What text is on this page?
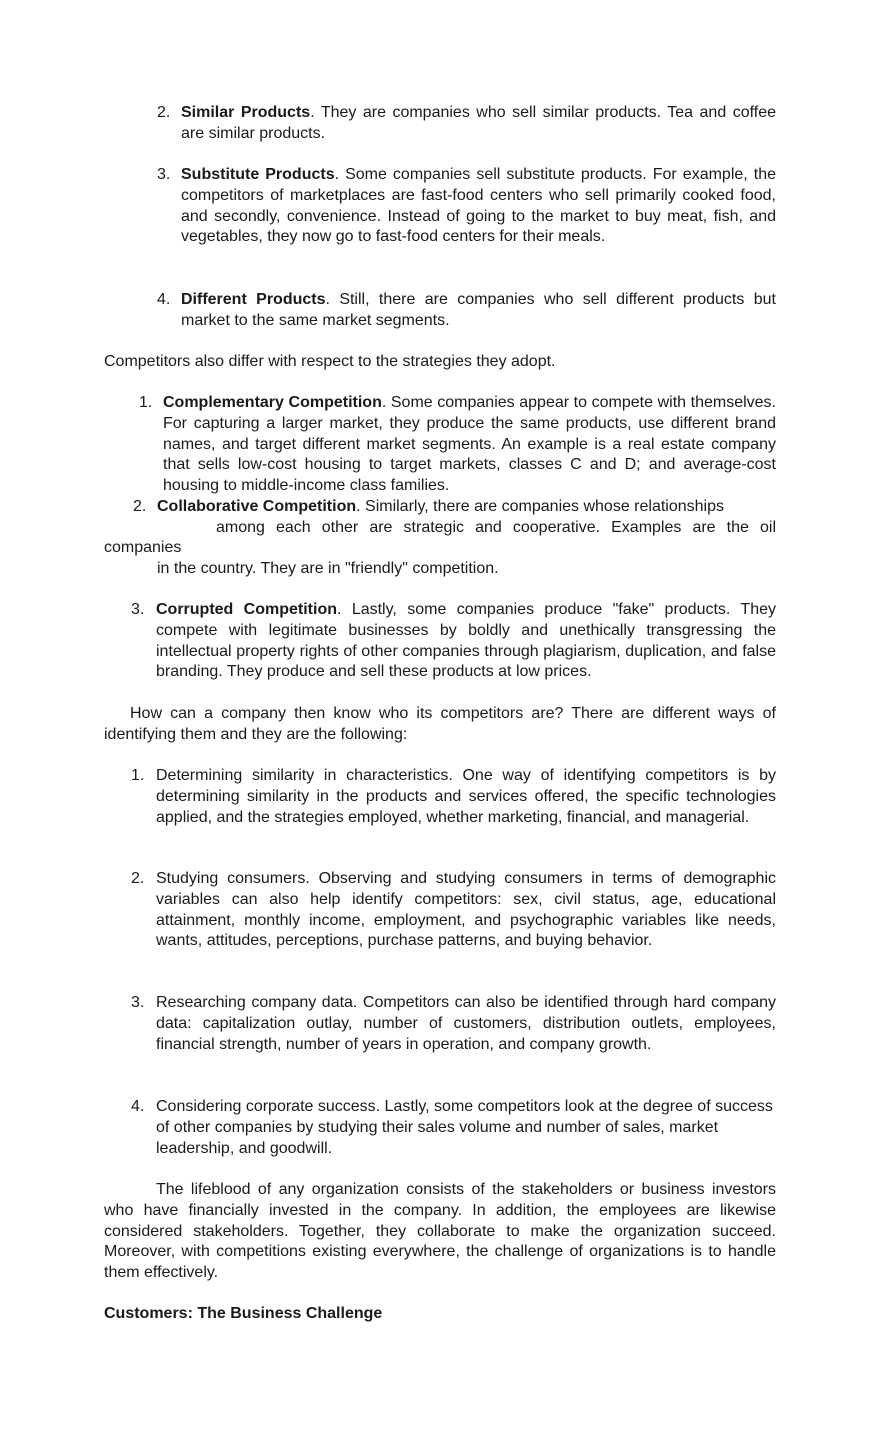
2. Similar Products. They are companies who sell similar products. Tea and coffee are similar products.
3. Substitute Products. Some companies sell substitute products. For example, the competitors of marketplaces are fast-food centers who sell primarily cooked food, and secondly, convenience. Instead of going to the market to buy meat, fish, and vegetables, they now go to fast-food centers for their meals.
4. Different Products. Still, there are companies who sell different products but market to the same market segments.
Competitors also differ with respect to the strategies they adopt.
1. Complementary Competition. Some companies appear to compete with themselves. For capturing a larger market, they produce the same products, use different brand names, and target different market segments. An example is a real estate company that sells low-cost housing to target markets, classes C and D; and average-cost housing to middle-income class families.
2. Collaborative Competition. Similarly, there are companies whose relationships
among each other are strategic and cooperative. Examples are the oil
companies
in the country. They are in "friendly" competition.
3. Corrupted Competition. Lastly, some companies produce "fake" products. They compete with legitimate businesses by boldly and unethically transgressing the intellectual property rights of other companies through plagiarism, duplication, and false branding. They produce and sell these products at low prices.
How can a company then know who its competitors are? There are different ways of identifying them and they are the following:
1. Determining similarity in characteristics. One way of identifying competitors is by determining similarity in the products and services offered, the specific technologies applied, and the strategies employed, whether marketing, financial, and managerial.
2. Studying consumers. Observing and studying consumers in terms of demographic variables can also help identify competitors: sex, civil status, age, educational attainment, monthly income, employment, and psychographic variables like needs, wants, attitudes, perceptions, purchase patterns, and buying behavior.
3. Researching company data. Competitors can also be identified through hard company data: capitalization outlay, number of customers, distribution outlets, employees, financial strength, number of years in operation, and company growth.
4. Considering corporate success. Lastly, some competitors look at the degree of success of other companies by studying their sales volume and number of sales, market leadership, and goodwill.
The lifeblood of any organization consists of the stakeholders or business investors who have financially invested in the company. In addition, the employees are likewise considered stakeholders. Together, they collaborate to make the organization succeed. Moreover, with competitions existing everywhere, the challenge of organizations is to handle them effectively.
Customers: The Business Challenge
